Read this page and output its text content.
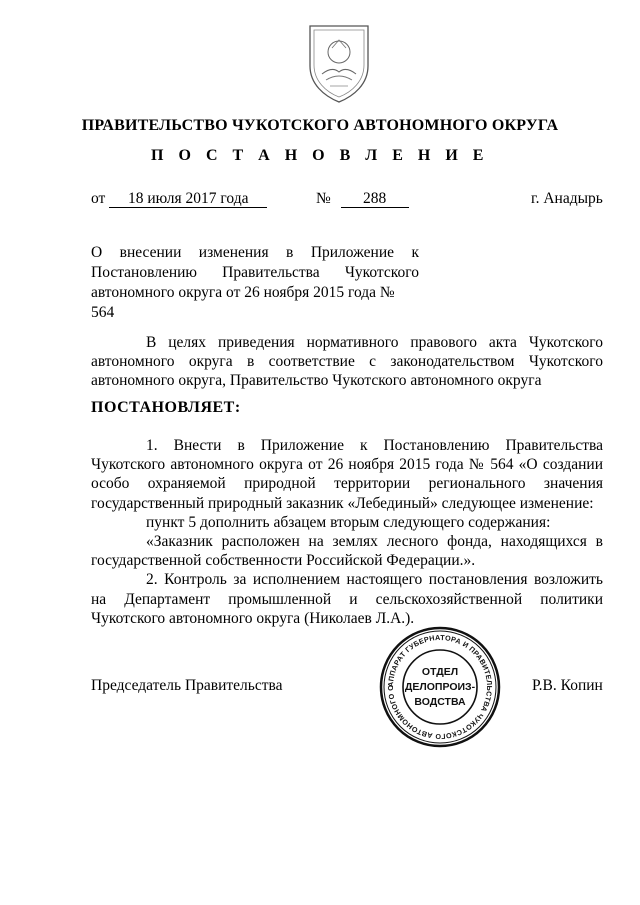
ПРАВИТЕЛЬСТВО ЧУКОТСКОГО АВТОНОМНОГО ОКРУГА
П О С Т А Н О В Л Е Н И Е
от 18 июля 2017 года	№ 288	г. Анадырь
О внесении изменения в Приложение к
Постановлению Правительства Чукотского
автономного округа от 26 ноября 2015 года № 564

В целях приведения нормативного правового акта Чукотского автономного округа в соответствие с законодательством Чукотского автономного округа, Правительство Чукотского автономного округа

ПОСТАНОВЛЯЕТ:

1. Внести в Приложение к Постановлению Правительства Чукотского автономного округа от 26 ноября 2015 года № 564 «О создании особо охраняемой природной территории регионального значения государственный природный заказник «Лебединый» следующее изменение:

пункт 5 дополнить абзацем вторым следующего содержания:

«Заказник расположен на землях лесного фонда, находящихся в государственной собственности Российской Федерации.».

2. Контроль за исполнением настоящего постановления возложить на Департамент промышленной и сельскохозяйственной политики Чукотского автономного округа (Николаев Л.А.).

АППАРАТ ГУБЕРНАТОРА И ПРАВИТЕЛЬСТВА ЧУКОТСКОГО АВТОНОМНОГО О
ОТДЕЛ
ДЕЛОПРОИЗ-
ВОДСТВА
Председатель Правительства	Р.В. Копин
